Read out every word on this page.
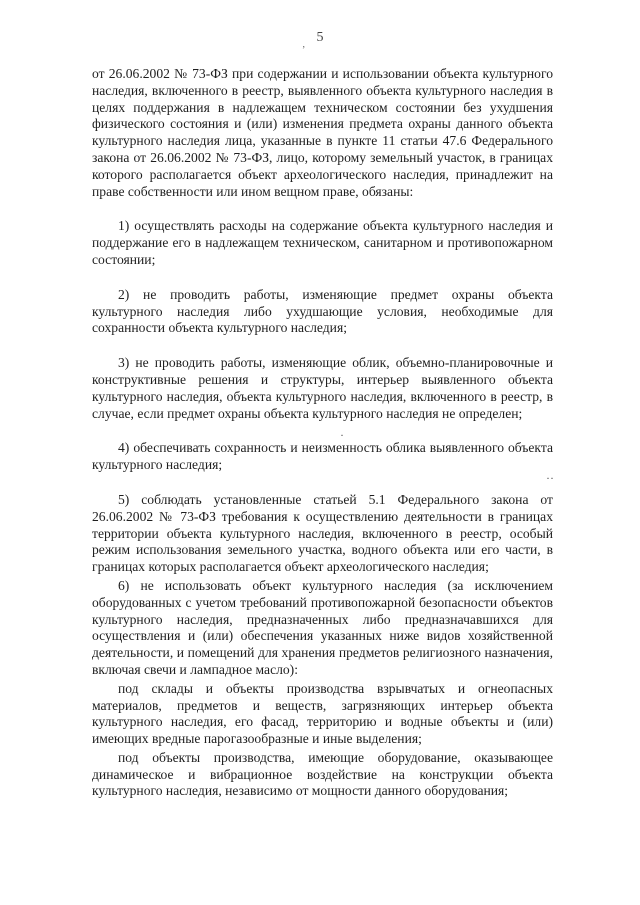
‚ 5
·
··

от 26.06.2002 № 73-ФЗ при содержании и использовании объекта культурного наследия, включенного в реестр, выявленного объекта культурного наследия в целях поддержания в надлежащем техническом состоянии без ухудшения физического состояния и (или) изменения предмета охраны данного объекта культурного наследия лица, указанные в пункте 11 статьи 47.6 Федерального закона от 26.06.2002 № 73-ФЗ, лицо, которому земельный участок, в границах которого располагается объект археологического наследия, принадлежит на праве собственности или ином вещном праве, обязаны:

1) осуществлять расходы на содержание объекта культурного наследия и поддержание его в надлежащем техническом, санитарном и противопожарном состоянии;

2) не проводить работы, изменяющие предмет охраны объекта культурного наследия либо ухудшающие условия, необходимые для сохранности объекта культурного наследия;

3) не проводить работы, изменяющие облик, объемно-планировочные и конструктивные решения и структуры, интерьер выявленного объекта культурного наследия, объекта культурного наследия, включенного в реестр, в случае, если предмет охраны объекта культурного наследия не определен;

4) обеспечивать сохранность и неизменность облика выявленного объекта культурного наследия;

5) соблюдать установленные статьей 5.1 Федерального закона от 26.06.2002 № 73-ФЗ требования к осуществлению деятельности в границах территории объекта культурного наследия, включенного в реестр, особый режим использования земельного участка, водного объекта или его части, в границах которых располагается объект археологического наследия;

6) не использовать объект культурного наследия (за исключением оборудованных с учетом требований противопожарной безопасности объектов культурного наследия, предназначенных либо предназначавшихся для осуществления и (или) обеспечения указанных ниже видов хозяйственной деятельности, и помещений для хранения предметов религиозного назначения, включая свечи и лампадное масло):

под склады и объекты производства взрывчатых и огнеопасных материалов, предметов и веществ, загрязняющих интерьер объекта культурного наследия, его фасад, территорию и водные объекты и (или) имеющих вредные парогазообразные и иные выделения;

под объекты производства, имеющие оборудование, оказывающее динамическое и вибрационное воздействие на конструкции объекта культурного наследия, независимо от мощности данного оборудования;
